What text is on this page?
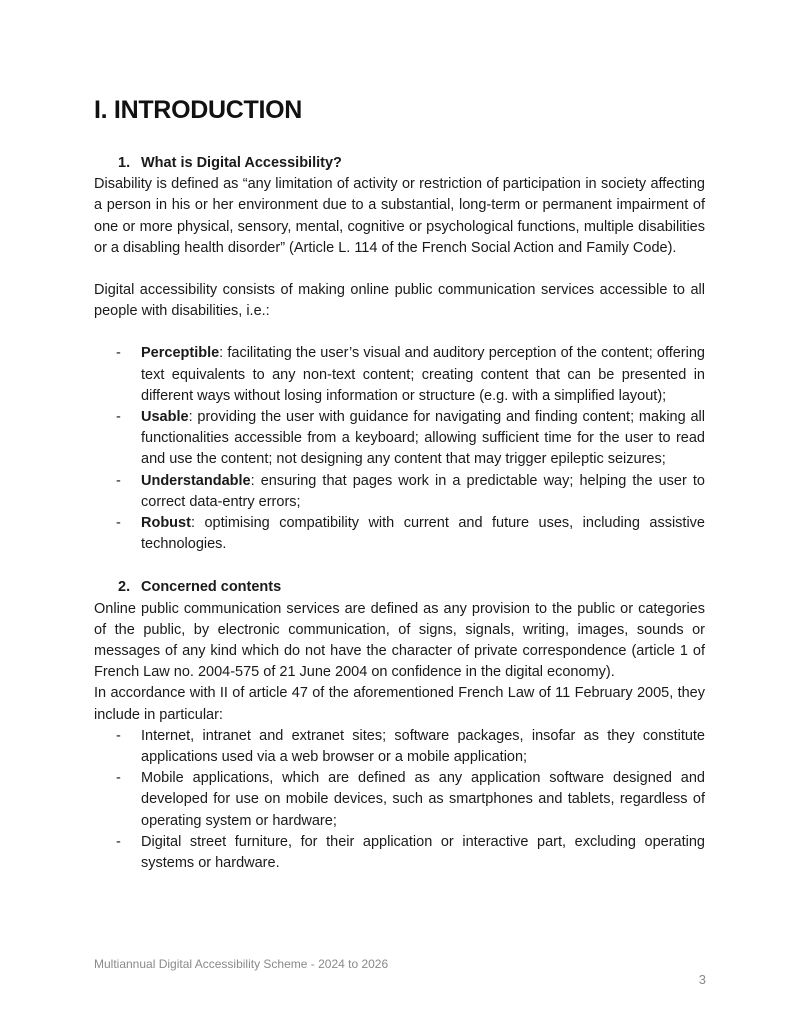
I. INTRODUCTION
1. What is Digital Accessibility?

Disability is defined as “any limitation of activity or restriction of participation in society affecting a person in his or her environment due to a substantial, long-term or permanent impairment of one or more physical, sensory, mental, cognitive or psychological functions, multiple disabilities or a disabling health disorder” (Article L. 114 of the French Social Action and Family Code).

Digital accessibility consists of making online public communication services accessible to all people with disabilities, i.e.:

- Perceptible: facilitating the user’s visual and auditory perception of the content; offering text equivalents to any non-text content; creating content that can be presented in different ways without losing information or structure (e.g. with a simplified layout);
- Usable: providing the user with guidance for navigating and finding content; making all functionalities accessible from a keyboard; allowing sufficient time for the user to read and use the content; not designing any content that may trigger epileptic seizures;
- Understandable: ensuring that pages work in a predictable way; helping the user to correct data-entry errors;
- Robust: optimising compatibility with current and future uses, including assistive technologies.
2. Concerned contents

Online public communication services are defined as any provision to the public or categories of the public, by electronic communication, of signs, signals, writing, images, sounds or messages of any kind which do not have the character of private correspondence (article 1 of French Law no. 2004-575 of 21 June 2004 on confidence in the digital economy).

In accordance with II of article 47 of the aforementioned French Law of 11 February 2005, they include in particular:

- Internet, intranet and extranet sites; software packages, insofar as they constitute applications used via a web browser or a mobile application;
- Mobile applications, which are defined as any application software designed and developed for use on mobile devices, such as smartphones and tablets, regardless of operating system or hardware;
- Digital street furniture, for their application or interactive part, excluding operating systems or hardware.
Multiannual Digital Accessibility Scheme - 2024 to 2026
3
